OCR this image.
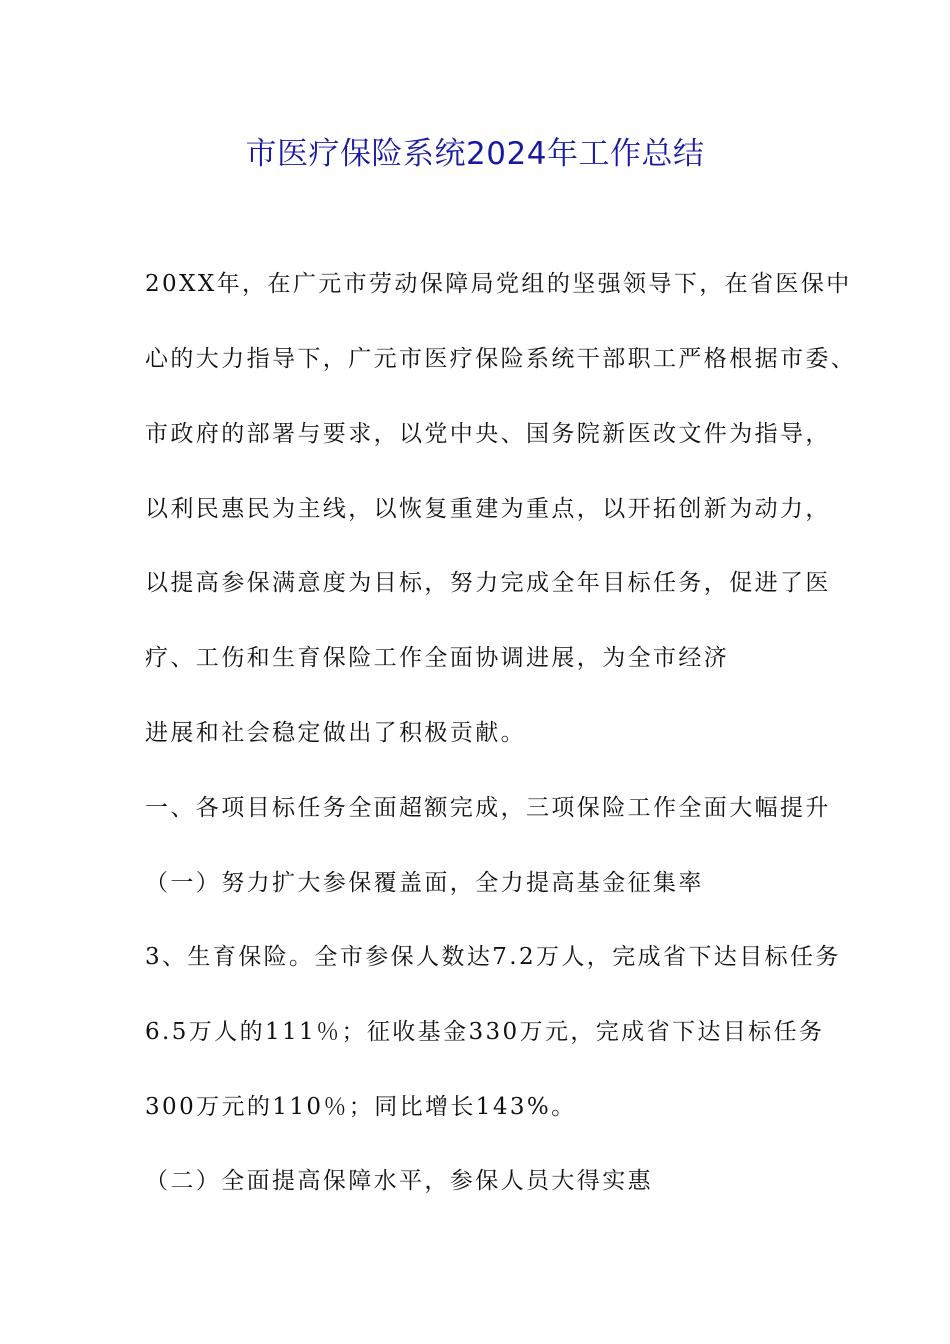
市医疗保险系统2024年工作总结
20XX年，在广元市劳动保障局党组的坚强领导下，在省医保中
心的大力指导下，广元市医疗保险系统干部职工严格根据市委、
市政府的部署与要求，以党中央、国务院新医改文件为指导，
以利民惠民为主线，以恢复重建为重点，以开拓创新为动力，
以提高参保满意度为目标，努力完成全年目标任务，促进了医
疗、工伤和生育保险工作全面协调进展，为全市经济
进展和社会稳定做出了积极贡献。
一、各项目标任务全面超额完成，三项保险工作全面大幅提升
（一）努力扩大参保覆盖面，全力提高基金征集率
3、生育保险。全市参保人数达7.2万人，完成省下达目标任务
6.5万人的111％；征收基金330万元，完成省下达目标任务
300万元的110％；同比增长143%。
（二）全面提高保障水平，参保人员大得实惠
